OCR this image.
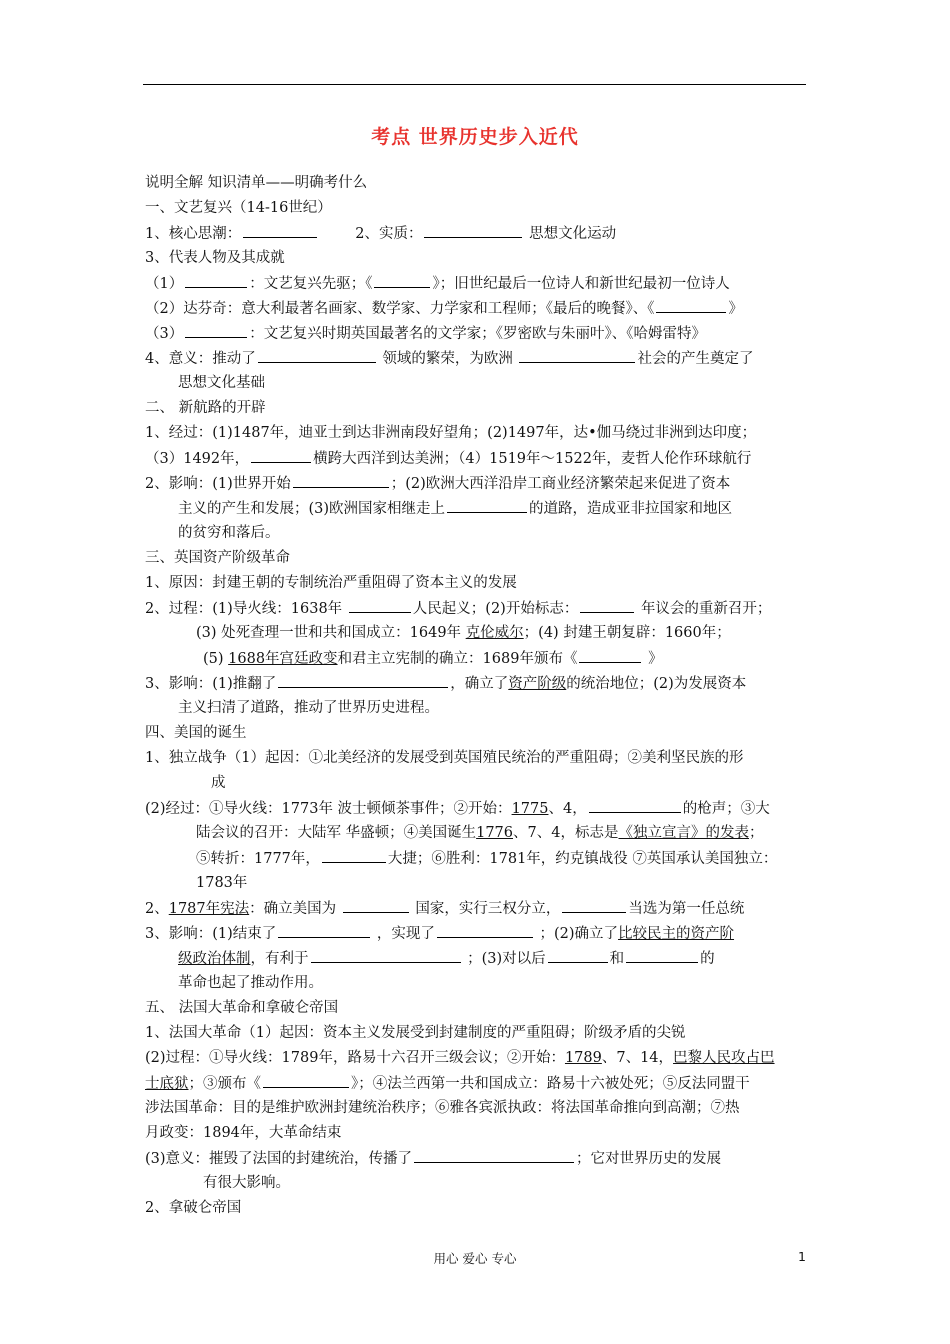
考点 世界历史步入近代
说明全解 知识清单——明确考什么
一、文艺复兴（14-16世纪）
1、核心思潮：	2、实质：	思想文化运动
3、代表人物及其成就
（1）	：文艺复兴先驱；《	》；旧世纪最后一位诗人和新世纪最初一位诗人
（2）达芬奇：意大利最著名画家、数学家、力学家和工程师；《最后的晚餐》、《	》
（3）	：文艺复兴时期英国最著名的文学家；《罗密欧与朱丽叶》、《哈姆雷特》
4、意义：推动了	领域的繁荣，为欧洲	社会的产生奠定了
思想文化基础
二、 新航路的开辟
1、经过：(1)1487年，迪亚士到达非洲南段好望角；(2)1497年，达•伽马绕过非洲到达印度；
（3）1492年，	横跨大西洋到达美洲；（4）1519年～1522年，麦哲人伦作环球航行
2、影响：(1)世界开始	；(2)欧洲大西洋沿岸工商业经济繁荣起来促进了资本
主义的产生和发展；(3)欧洲国家相继走上	的道路，造成亚非拉国家和地区
的贫穷和落后。
三、英国资产阶级革命
1、原因：封建王朝的专制统治严重阻碍了资本主义的发展
2、过程：(1)导火线：1638年	人民起义；(2)开始标志：	年议会的重新召开；
(3) 处死查理一世和共和国成立：1649年 克伦威尔；(4) 封建王朝复辟：1660年；
(5) 1688年宫廷政变和君主立宪制的确立：1689年颁布《	》
3、影响：(1)推翻了	，确立了资产阶级的统治地位；(2)为发展资本
主义扫清了道路，推动了世界历史进程。
四、美国的诞生
1、独立战争（1）起因：①北美经济的发展受到英国殖民统治的严重阻碍；②美利坚民族的形
成
(2)经过：①导火线：1773年 波士顿倾茶事件；②开始：1775、4，	的枪声；③大
陆会议的召开：大陆军 华盛顿；④美国诞生1776、7、4，标志是《独立宣言》的发表；
⑤转折：1777年，	大捷；⑥胜利：1781年，约克镇战役 ⑦英国承认美国独立：
1783年
2、1787年宪法：确立美国为	国家，实行三权分立，	当选为第一任总统
3、影响：(1)结束了	，实现了	；(2)确立了比较民主的资产阶
级政治体制，有利于	；(3)对以后	和	的
革命也起了推动作用。
五、 法国大革命和拿破仑帝国
1、法国大革命（1）起因：资本主义发展受到封建制度的严重阻碍；阶级矛盾的尖锐
(2)过程：①导火线：1789年，路易十六召开三级会议；②开始：1789、7、14，巴黎人民攻占巴
士底狱；③颁布《	》；④法兰西第一共和国成立：路易十六被处死；⑤反法同盟干
涉法国革命：目的是维护欧洲封建统治秩序；⑥雅各宾派执政：将法国革命推向到高潮；⑦热
月政变：1894年，大革命结束
(3)意义：摧毁了法国的封建统治，传播了	；它对世界历史的发展
有很大影响。
2、拿破仑帝国
用心 爱心 专心	1
